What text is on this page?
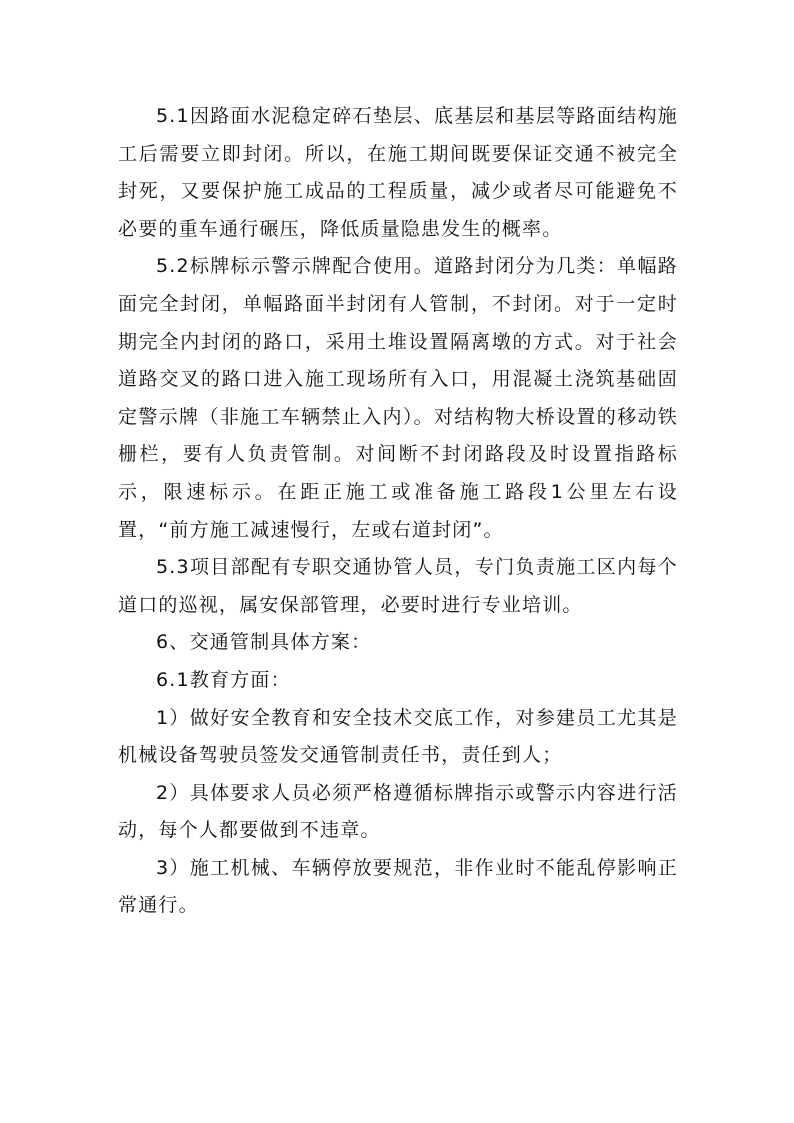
5.1因路面水泥稳定碎石垫层、底基层和基层等路面结构施工后需要立即封闭。所以，在施工期间既要保证交通不被完全封死，又要保护施工成品的工程质量，减少或者尽可能避免不必要的重车通行碾压，降低质量隐患发生的概率。

5.2标牌标示警示牌配合使用。道路封闭分为几类：单幅路面完全封闭，单幅路面半封闭有人管制，不封闭。对于一定时期完全内封闭的路口，采用土堆设置隔离墩的方式。对于社会道路交叉的路口进入施工现场所有入口，用混凝土浇筑基础固定警示牌（非施工车辆禁止入内）。对结构物大桥设置的移动铁栅栏，要有人负责管制。对间断不封闭路段及时设置指路标示，限速标示。在距正施工或准备施工路段1公里左右设置，“前方施工减速慢行，左或右道封闭”。

5.3项目部配有专职交通协管人员，专门负责施工区内每个道口的巡视，属安保部管理，必要时进行专业培训。

6、交通管制具体方案：

6.1教育方面：

1）做好安全教育和安全技术交底工作，对参建员工尤其是机械设备驾驶员签发交通管制责任书，责任到人；

2）具体要求人员必须严格遵循标牌指示或警示内容进行活动，每个人都要做到不违章。

3）施工机械、车辆停放要规范，非作业时不能乱停影响正常通行。
